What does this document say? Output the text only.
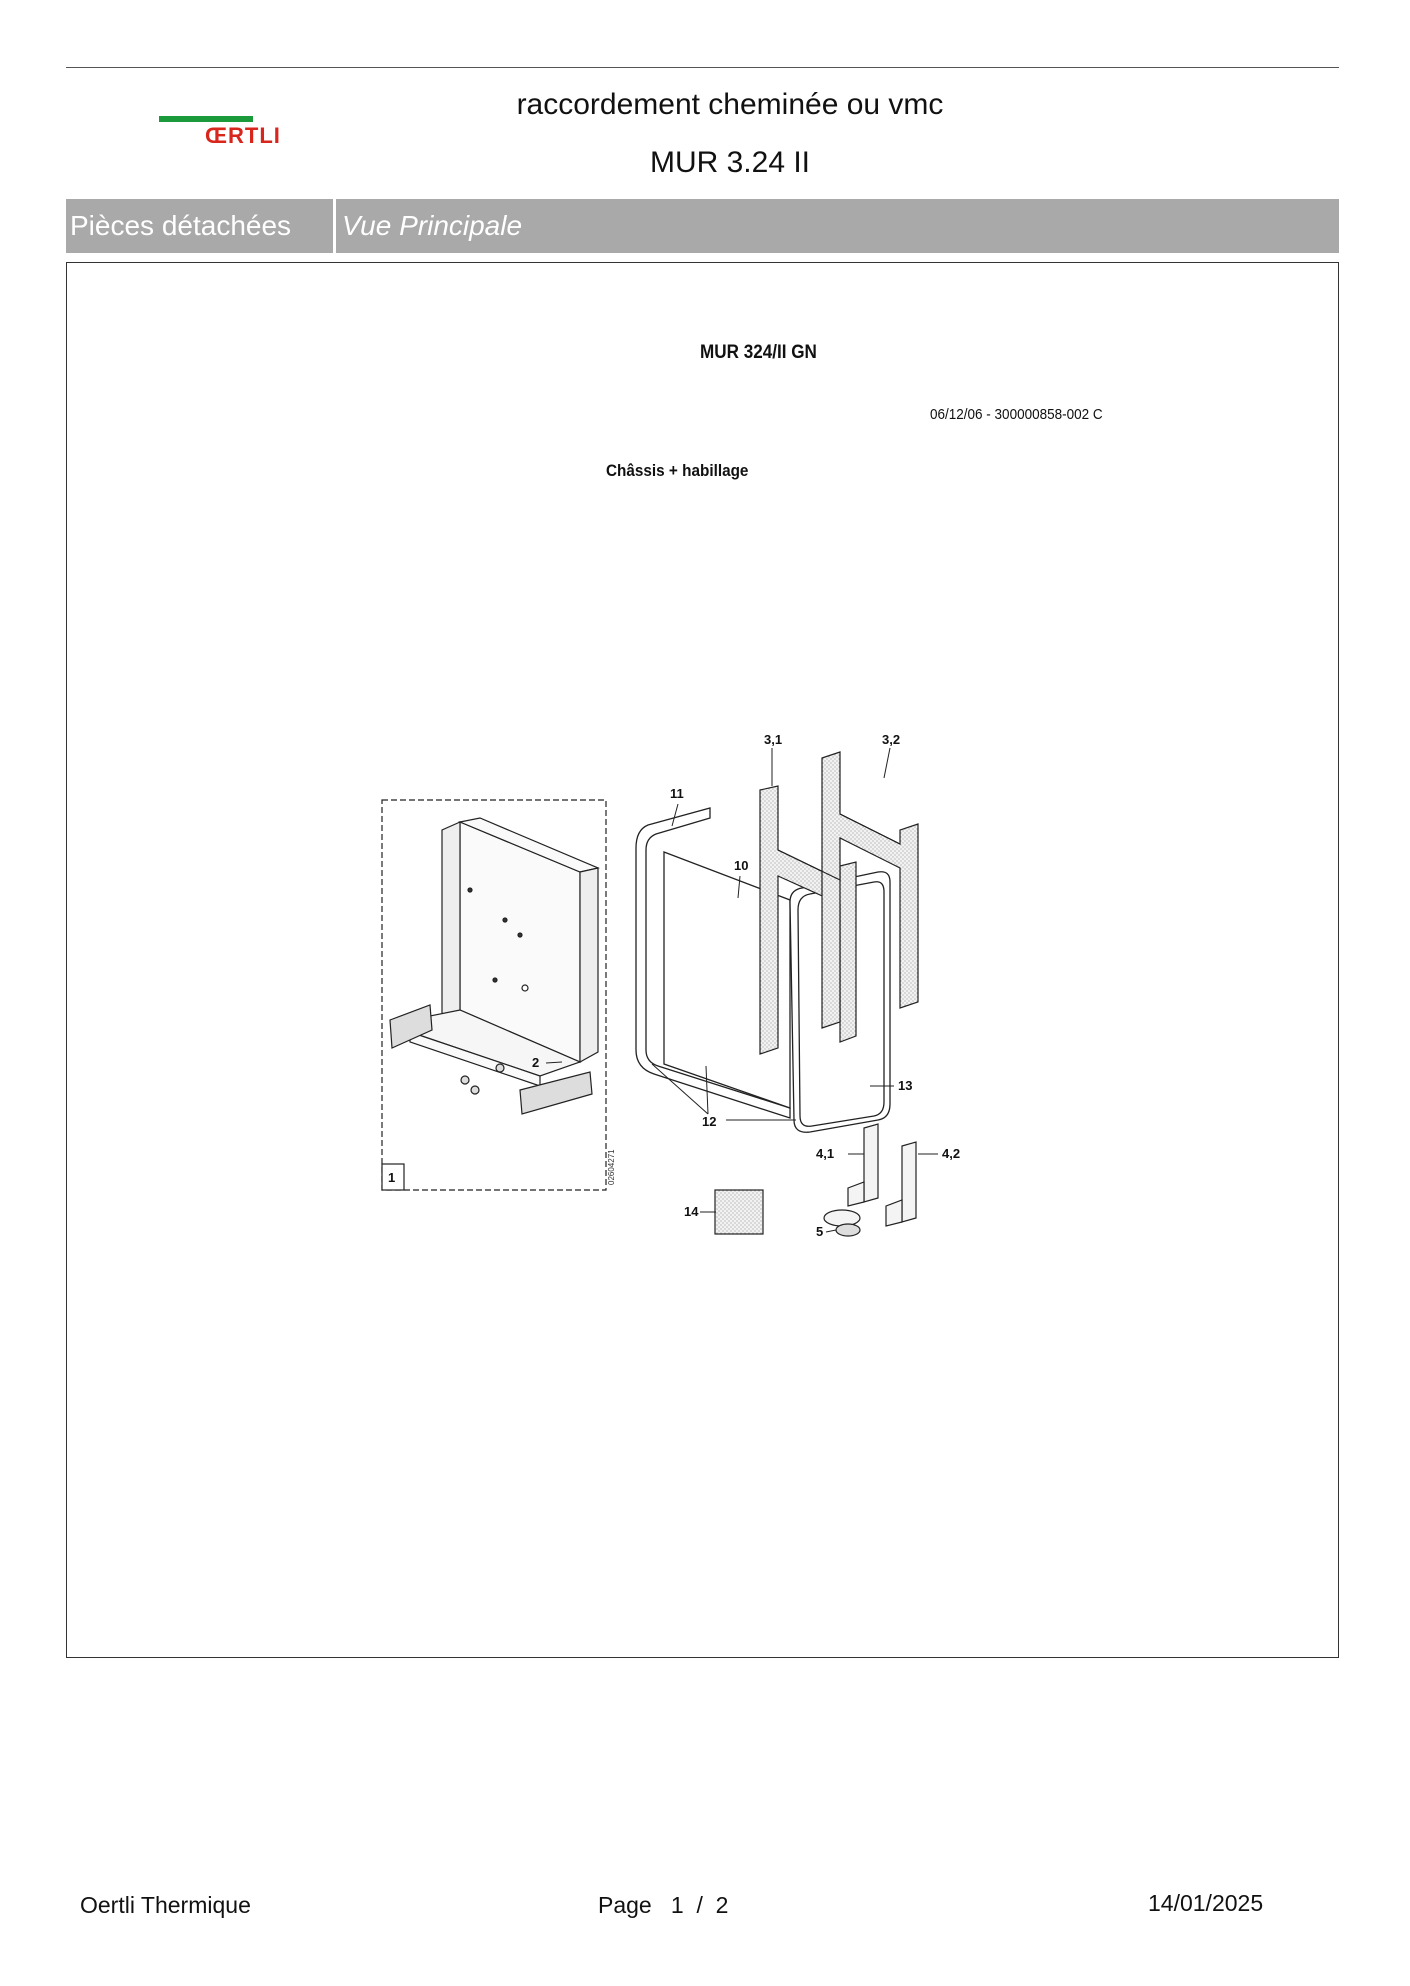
ŒRTLI
raccordement cheminée ou vmc
MUR 3.24 II
Pièces détachées	Vue Principale
MUR 324/II GN
06/12/06 - 300000858-002 C
Châssis + habillage
1	02604271
2
11
10
12
13
3,1	3,2
4,1	4,2
5
14
Oertli Thermique	Page 1 / 2	14/01/2025
